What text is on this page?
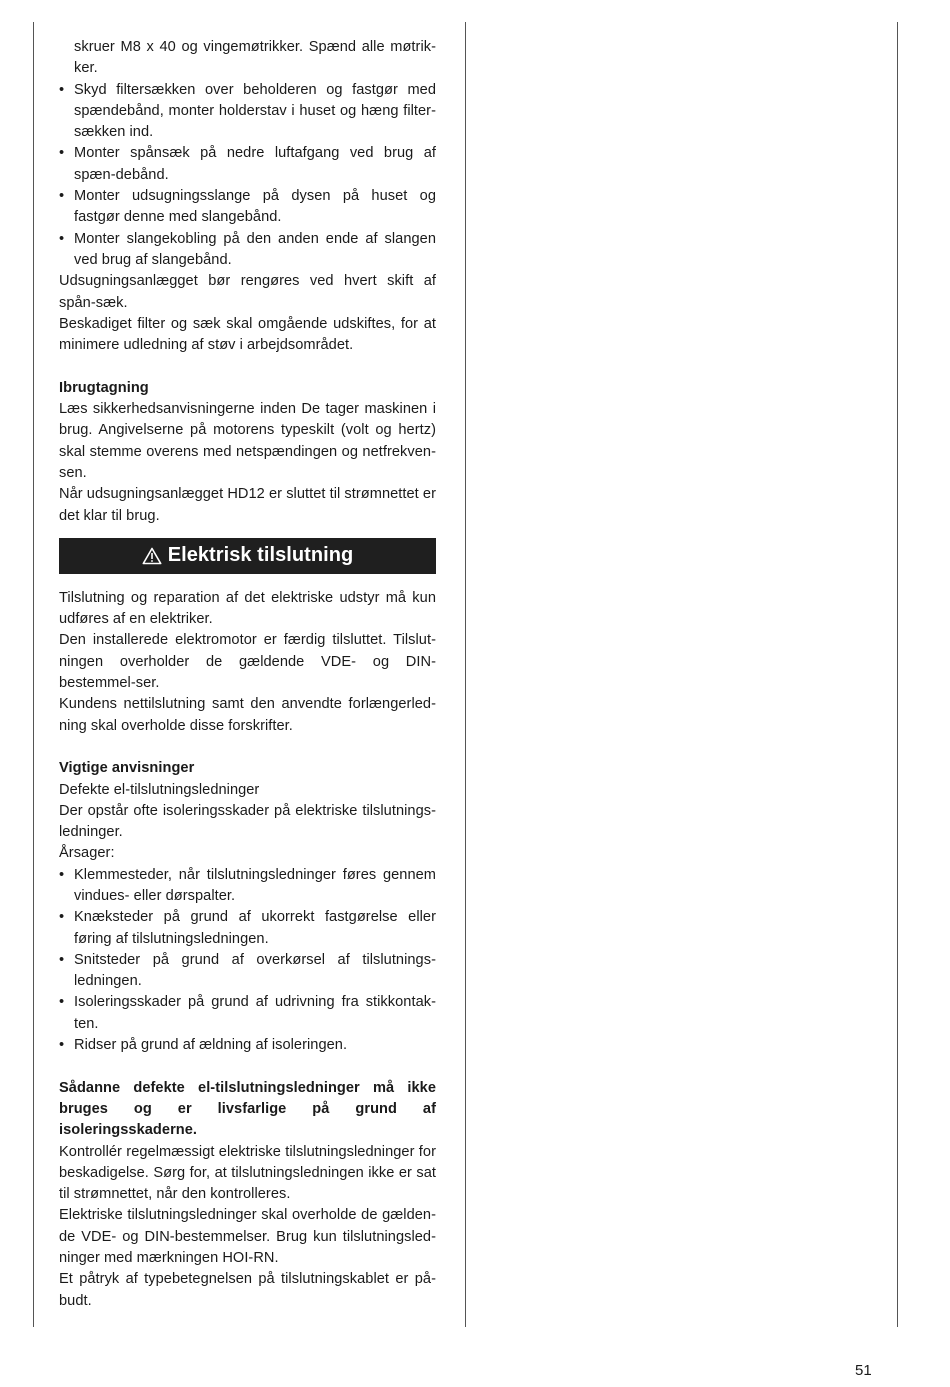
skruer M8 x 40 og vingemøtrikker. Spænd alle møtrik-ker.

• Skyd filtersækken over beholderen og fastgør med spændebånd, monter holderstav i huset og hæng filter-sækken ind.
• Monter spånsæk på nedre luftafgang ved brug af spæn-debånd.
• Monter udsugningsslange på dysen på huset og fastgør denne med slangebånd.
• Monter slangekobling på den anden ende af slangen ved brug af slangebånd.

Udsugningsanlægget bør rengøres ved hvert skift af spån-sæk.

Beskadiget filter og sæk skal omgående udskiftes, for at minimere udledning af støv i arbejdsområdet.

Ibrugtagning

Læs sikkerhedsanvisningerne inden De tager maskinen i brug. Angivelserne på motorens typeskilt (volt og hertz) skal stemme overens med netspændingen og netfrekven-sen.

Når udsugningsanlægget HD12 er sluttet til strømnettet er det klar til brug.

Elektrisk tilslutning

Tilslutning og reparation af det elektriske udstyr må kun udføres af en elektriker.

Den installerede elektromotor er færdig tilsluttet. Tilslut-ningen overholder de gældende VDE- og DIN-bestemmel-ser.

Kundens nettilslutning samt den anvendte forlængerled-ning skal overholde disse forskrifter.

Vigtige anvisninger

Defekte el-tilslutningsledninger

Der opstår ofte isoleringsskader på elektriske tilslutnings-ledninger.

Årsager:

• Klemmesteder, når tilslutningsledninger føres gennem vindues- eller dørspalter.
• Knæksteder på grund af ukorrekt fastgørelse eller føring af tilslutningsledningen.
• Snitsteder på grund af overkørsel af tilslutnings-ledningen.
• Isoleringsskader på grund af udrivning fra stikkontak-ten.
• Ridser på grund af ældning af isoleringen.

Sådanne defekte el-tilslutningsledninger må ikke bruges og er livsfarlige på grund af isoleringsskaderne.

Kontrollér regelmæssigt elektriske tilslutningsledninger for beskadigelse. Sørg for, at tilslutningsledningen ikke er sat til strømnettet, når den kontrolleres.

Elektriske tilslutningsledninger skal overholde de gælden-de VDE- og DIN-bestemmelser. Brug kun tilslutningsled-ninger med mærkningen HOI-RN.

Et påtryk af typebetegnelsen på tilslutningskablet er på-budt.

51
